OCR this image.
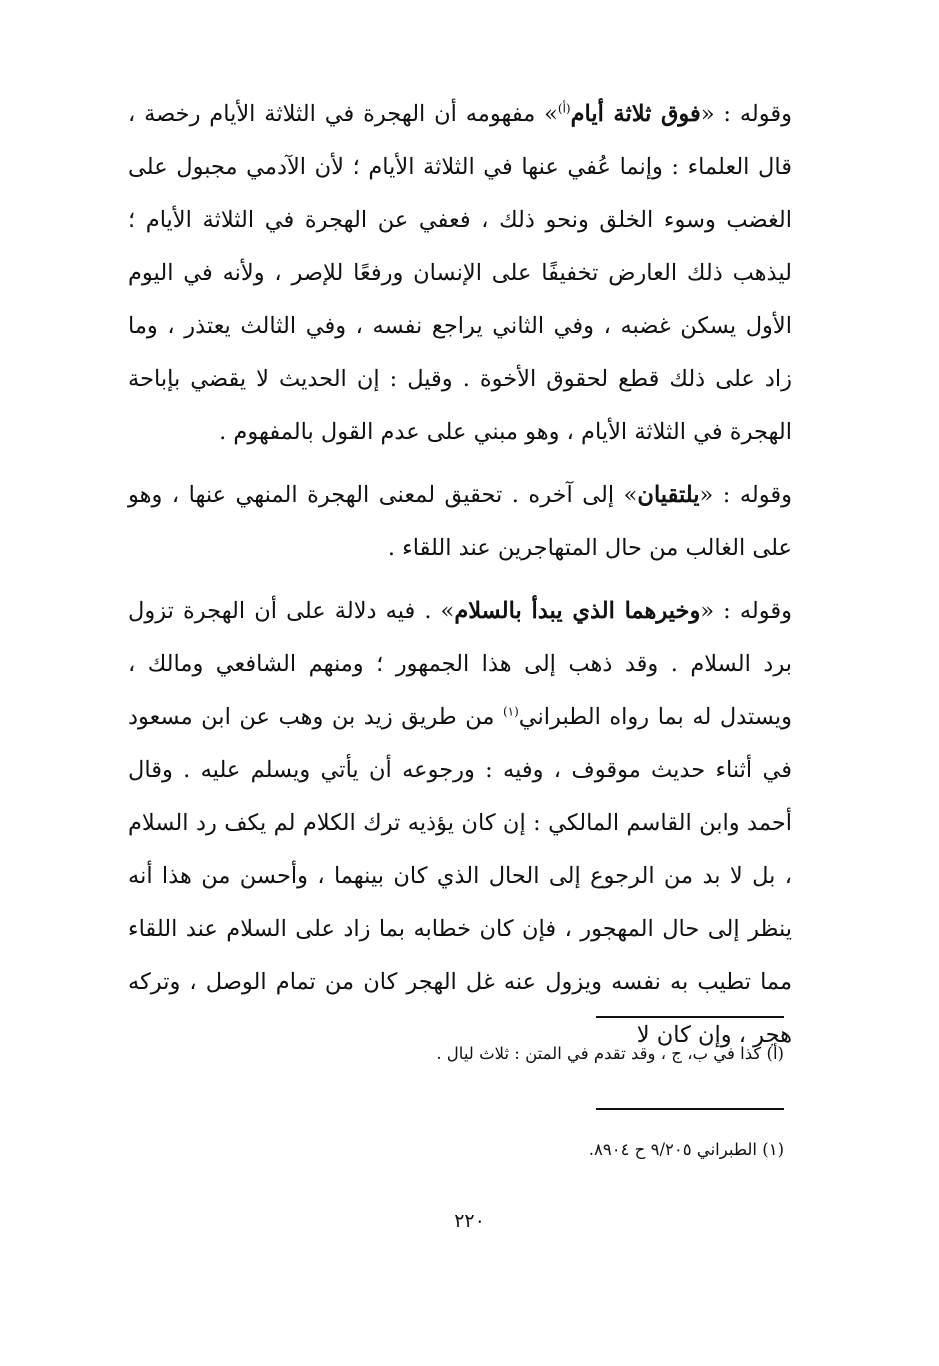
وقوله : «فوق ثلاثة أيام$^{(أ)}$» مفهومه أن الهجرة في الثلاثة الأيام رخصة ، قال العلماء : وإنما عُفي عنها في الثلاثة الأيام ؛ لأن الآدمي مجبول على الغضب وسوء الخلق ونحو ذلك ، فعفي عن الهجرة في الثلاثة الأيام ؛ ليذهب ذلك العارض تخفيفًا على الإنسان ورفعًا للإصر ، ولأنه في اليوم الأول يسكن غضبه ، وفي الثاني يراجع نفسه ، وفي الثالث يعتذر ، وما زاد على ذلك قطع لحقوق الأخوة . وقيل : إن الحديث لا يقضي بإباحة الهجرة في الثلاثة الأيام ، وهو مبني على عدم القول بالمفهوم .

وقوله : «يلتقيان» إلى آخره . تحقيق لمعنى الهجرة المنهي عنها ، وهو على الغالب من حال المتهاجرين عند اللقاء .

وقوله : «وخيرهما الذي يبدأ بالسلام» . فيه دلالة على أن الهجرة تزول برد السلام . وقد ذهب إلى هذا الجمهور ؛ ومنهم الشافعي ومالك ، ويستدل له بما رواه الطبراني$^{(١)}$ من طريق زيد بن وهب عن ابن مسعود في أثناء حديث موقوف ، وفيه : ورجوعه أن يأتي ويسلم عليه . وقال أحمد وابن القاسم المالكي : إن كان يؤذيه ترك الكلام لم يكف رد السلام ، بل لا بد من الرجوع إلى الحال الذي كان بينهما ، وأحسن من هذا أنه ينظر إلى حال المهجور ، فإن كان خطابه بما زاد على السلام عند اللقاء مما تطيب به نفسه ويزول عنه غل الهجر كان من تمام الوصل ، وتركه هجر ، وإن كان لا

(أ) كذا في ب، ج ، وقد تقدم في المتن : ثلاث ليال .
(١) الطبراني ٩/٢٠٥ ح ٨٩٠٤.
٢٢٠
